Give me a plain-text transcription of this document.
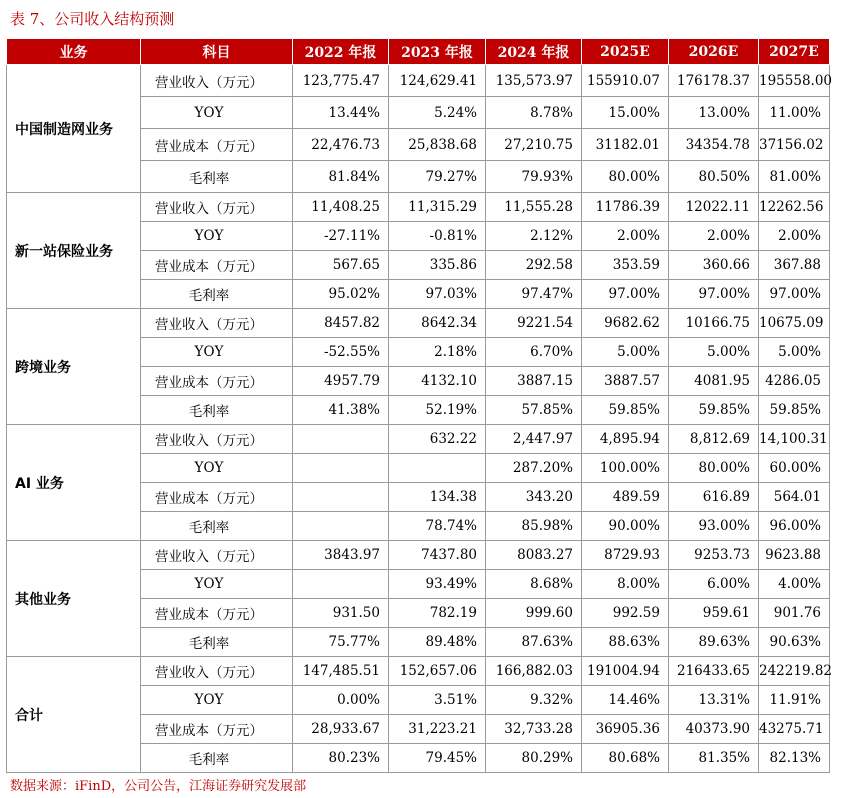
表 7、公司收入结构预测
业务	科目	2022 年报	2023 年报	2024 年报	2025E	2026E	2027E
中国制造网业务	营业收入（万元）	123,775.47	124,629.41	135,573.97	155910.07	176178.37	195558.00
	YOY	13.44%	5.24%	8.78%	15.00%	13.00%	11.00%
	营业成本（万元）	22,476.73	25,838.68	27,210.75	31182.01	34354.78	37156.02
	毛利率	81.84%	79.27%	79.93%	80.00%	80.50%	81.00%
新一站保险业务	营业收入（万元）	11,408.25	11,315.29	11,555.28	11786.39	12022.11	12262.56
	YOY	-27.11%	-0.81%	2.12%	2.00%	2.00%	2.00%
	营业成本（万元）	567.65	335.86	292.58	353.59	360.66	367.88
	毛利率	95.02%	97.03%	97.47%	97.00%	97.00%	97.00%
跨境业务	营业收入（万元）	8457.82	8642.34	9221.54	9682.62	10166.75	10675.09
	YOY	-52.55%	2.18%	6.70%	5.00%	5.00%	5.00%
	营业成本（万元）	4957.79	4132.10	3887.15	3887.57	4081.95	4286.05
	毛利率	41.38%	52.19%	57.85%	59.85%	59.85%	59.85%
AI 业务	营业收入（万元）		632.22	2,447.97	4,895.94	8,812.69	14,100.31
	YOY			287.20%	100.00%	80.00%	60.00%
	营业成本（万元）		134.38	343.20	489.59	616.89	564.01
	毛利率		78.74%	85.98%	90.00%	93.00%	96.00%
其他业务	营业收入（万元）	3843.97	7437.80	8083.27	8729.93	9253.73	9623.88
	YOY		93.49%	8.68%	8.00%	6.00%	4.00%
	营业成本（万元）	931.50	782.19	999.60	992.59	959.61	901.76
	毛利率	75.77%	89.48%	87.63%	88.63%	89.63%	90.63%
合计	营业收入（万元）	147,485.51	152,657.06	166,882.03	191004.94	216433.65	242219.82
	YOY	0.00%	3.51%	9.32%	14.46%	13.31%	11.91%
	营业成本（万元）	28,933.67	31,223.21	32,733.28	36905.36	40373.90	43275.71
	毛利率	80.23%	79.45%	80.29%	80.68%	81.35%	82.13%
数据来源：iFinD，公司公告，江海证券研究发展部
